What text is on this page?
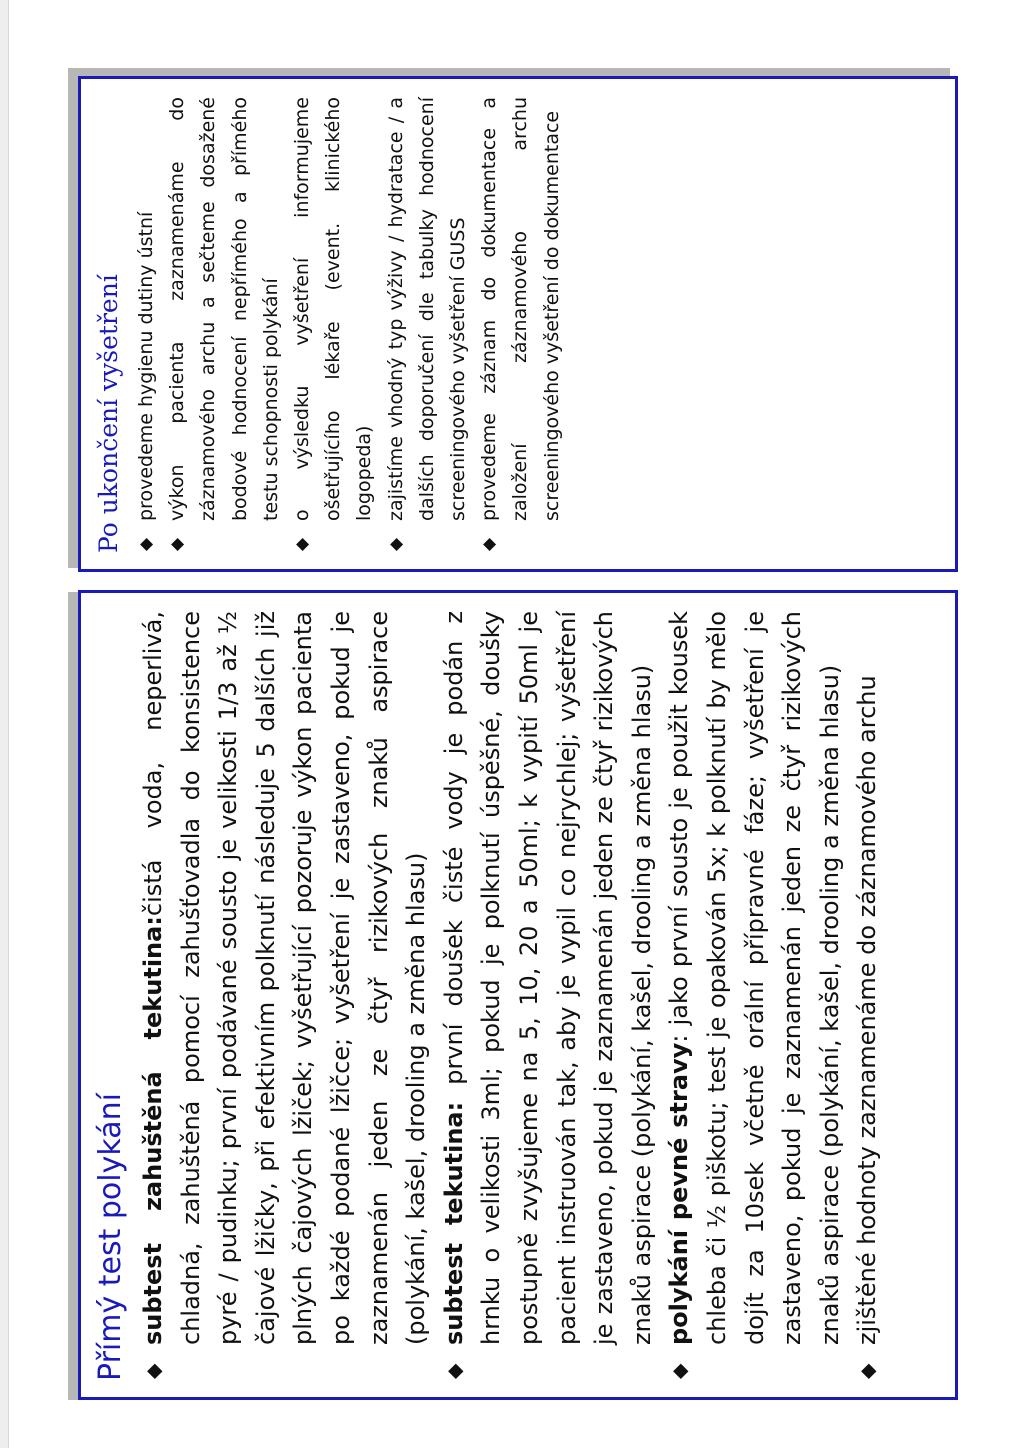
Přímý test polykání ◆
subtest zahuštěná tekutina:čistá voda, neperlivá, chladná, zahuštěná pomocí zahušťovadla do konsistence pyré / pudinku; první podávané sousto je velikosti 1/3 až ½ čajové lžičky, při efektivním polknutí následuje 5 dalších již plných čajových lžiček; vyšetřující pozoruje výkon pacienta po každé podané lžičce; vyšetření je zastaveno, pokud je zaznamenán jeden ze čtyř rizikových znaků aspirace (polykání, kašel, drooling a změna hlasu)
◆
subtest tekutina: první doušek čisté vody je podán z hrnku o velikosti 3ml; pokud je polknutí úspěšné, doušky postupně zvyšujeme na 5, 10, 20 a 50ml; k vypití 50ml je pacient instruován tak, aby je vypil co nejrychlej; vyšetření je zastaveno, pokud je zaznamenán jeden ze čtyř rizikových znaků aspirace (polykání, kašel, drooling a změna hlasu)
◆
polykání pevné stravy: jako první sousto je použit kousek chleba či ½ piškotu; test je opakován 5x; k polknutí by mělo dojít za 10sek včetně orální přípravné fáze; vyšetření je zastaveno, pokud je zaznamenán jeden ze čtyř rizikových znaků aspirace (polykání, kašel, drooling a změna hlasu)
◆
zjištěné hodnoty zaznamenáme do záznamového archu
Po ukončení vyšetření ◆
provedeme hygienu dutiny ústní
◆
výkon pacienta zaznamenáme do záznamového archu a sečteme dosažené bodové hodnocení nepřímého a přímého testu schopnosti polykání
◆
o výsledku vyšetření informujeme ošetřujícího lékaře (event. klinického logopeda)
◆
zajistíme vhodný typ výživy / hydratace / a dalších doporučení dle tabulky hodnocení screeningového vyšetření GUSS
◆
provedeme záznam do dokumentace a založení záznamového archu screeningového vyšetření do dokumentace
